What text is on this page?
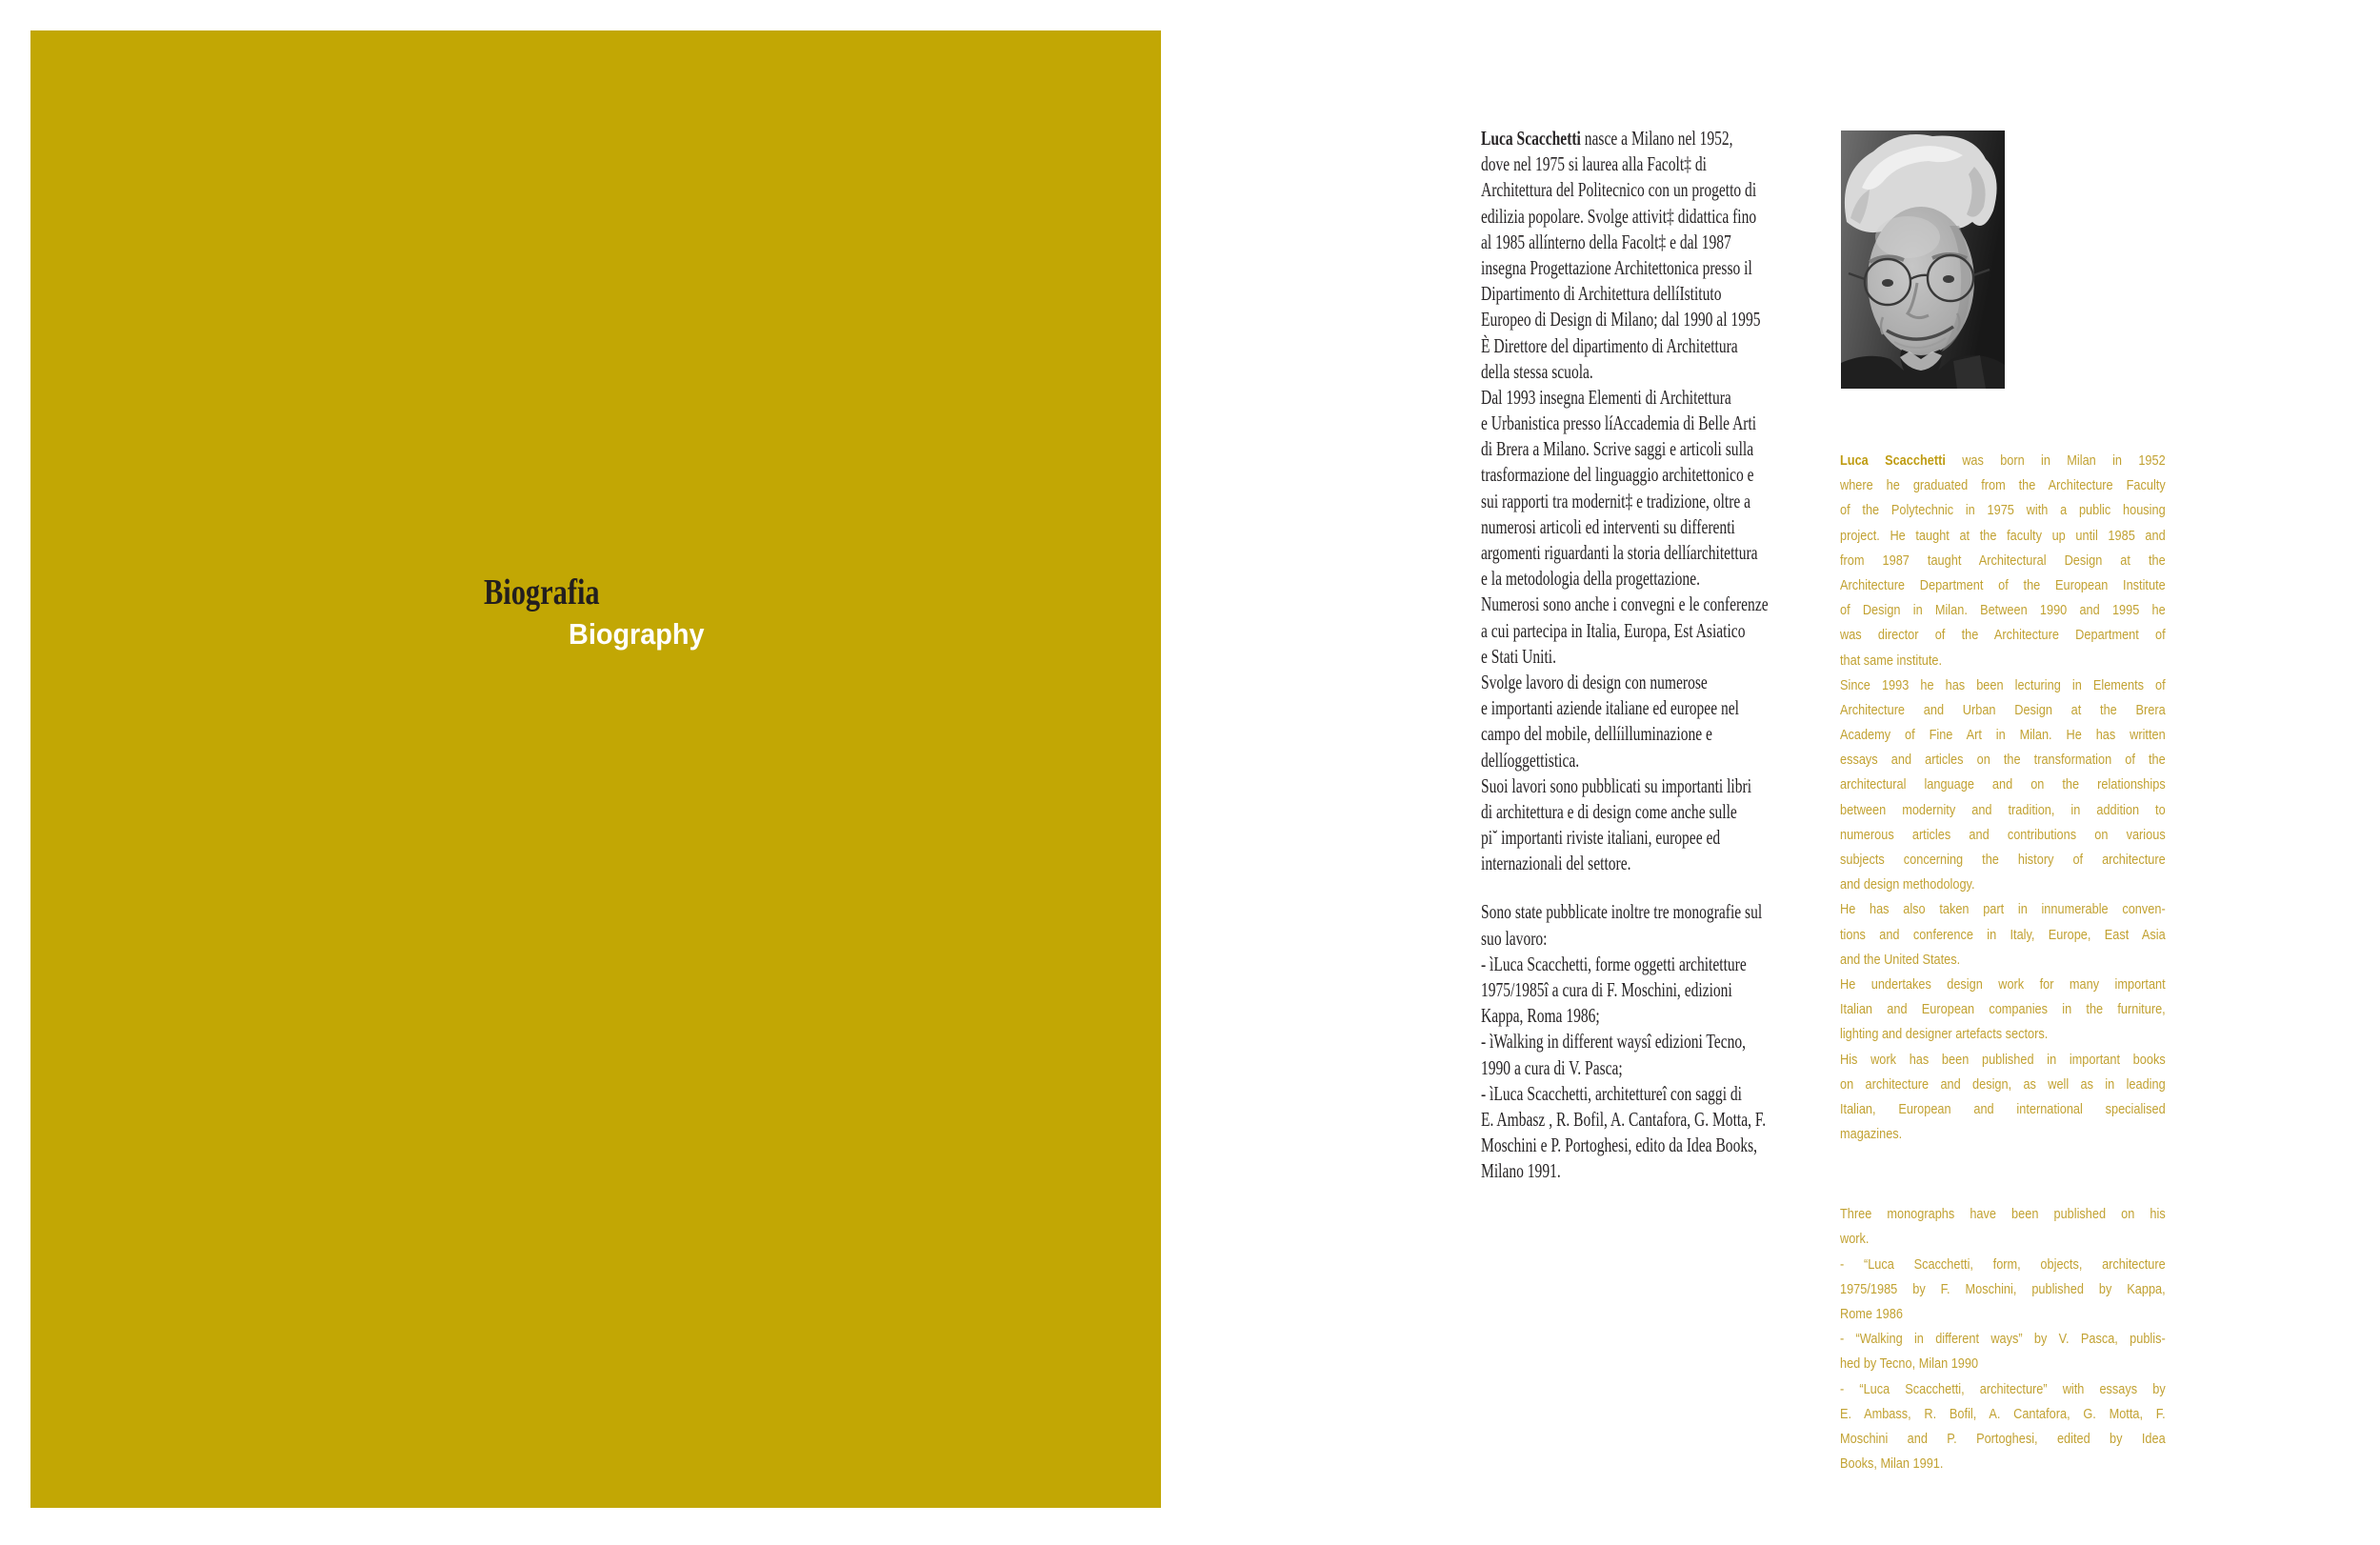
Biografia
Biography
Luca Scacchetti nasce a Milano nel 1952,
dove nel 1975 si laurea alla Facolt‡ di
Architettura del Politecnico con un progetto di
edilizia popolare. Svolge attivit‡ didattica fino
al 1985 allínterno della Facolt‡ e dal 1987
insegna Progettazione Architettonica presso il
Dipartimento di Architettura dellíIstituto
Europeo di Design di Milano; dal 1990 al 1995
È Direttore del dipartimento di Architettura
della stessa scuola.
Dal 1993 insegna Elementi di Architettura
e Urbanistica presso líAccademia di Belle Arti
di Brera a Milano. Scrive saggi e articoli sulla
trasformazione del linguaggio architettonico e
sui rapporti tra modernit‡ e tradizione, oltre a
numerosi articoli ed interventi su differenti
argomenti riguardanti la storia dellíarchitettura
e la metodologia della progettazione.
Numerosi sono anche i convegni e le conferenze
a cui partecipa in Italia, Europa, Est Asiatico
e Stati Uniti.
Svolge lavoro di design con numerose
e importanti aziende italiane ed europee nel
campo del mobile, dellíilluminazione e
dellíoggettistica.
Suoi lavori sono pubblicati su importanti libri
di architettura e di design come anche sulle
pi˘ importanti riviste italiani, europee ed
internazionali del settore.
Sono state pubblicate inoltre tre monografie sul
suo lavoro:
- ìLuca Scacchetti, forme oggetti architetture
1975/1985î a cura di F. Moschini, edizioni
Kappa, Roma 1986;
- ìWalking in different waysî edizioni Tecno,
1990 a cura di V. Pasca;
- ìLuca Scacchetti, architettureî con saggi di
E. Ambasz , R. Bofil, A. Cantafora, G. Motta, F.
Moschini e P. Portoghesi, edito da Idea Books,
Milano 1991.
Luca Scacchetti was born in Milan in 1952
where he graduated from the Architecture Faculty
of the Polytechnic in 1975 with a public housing
project. He taught at the faculty up until 1985 and
from 1987 taught Architectural Design at the
Architecture Department of the European Institute
of Design in Milan. Between 1990 and 1995 he
was director of the Architecture Department of
that same institute.
Since 1993 he has been lecturing in Elements of
Architecture and Urban Design at the Brera
Academy of Fine Art in Milan. He has written
essays and articles on the transformation of the
architectural language and on the relationships
between modernity and tradition, in addition to
numerous articles and contributions on various
subjects concerning the history of architecture
and design methodology.
He has also taken part in innumerable conven-
tions and conference in Italy, Europe, East Asia
and the United States.
He undertakes design work for many important
Italian and European companies in the furniture,
lighting and designer artefacts sectors.
His work has been published in important books
on architecture and design, as well as in leading
Italian, European and international specialised
magazines.
Three monographs have been published on his
work.
- “Luca Scacchetti, form, objects, architecture
1975/1985 by F. Moschini, published by Kappa,
Rome 1986
- “Walking in different ways” by V. Pasca, publis-
hed by Tecno, Milan 1990
- “Luca Scacchetti, architecture” with essays by
E. Ambass, R. Bofil, A. Cantafora, G. Motta, F.
Moschini and P. Portoghesi, edited by Idea
Books, Milan 1991.
